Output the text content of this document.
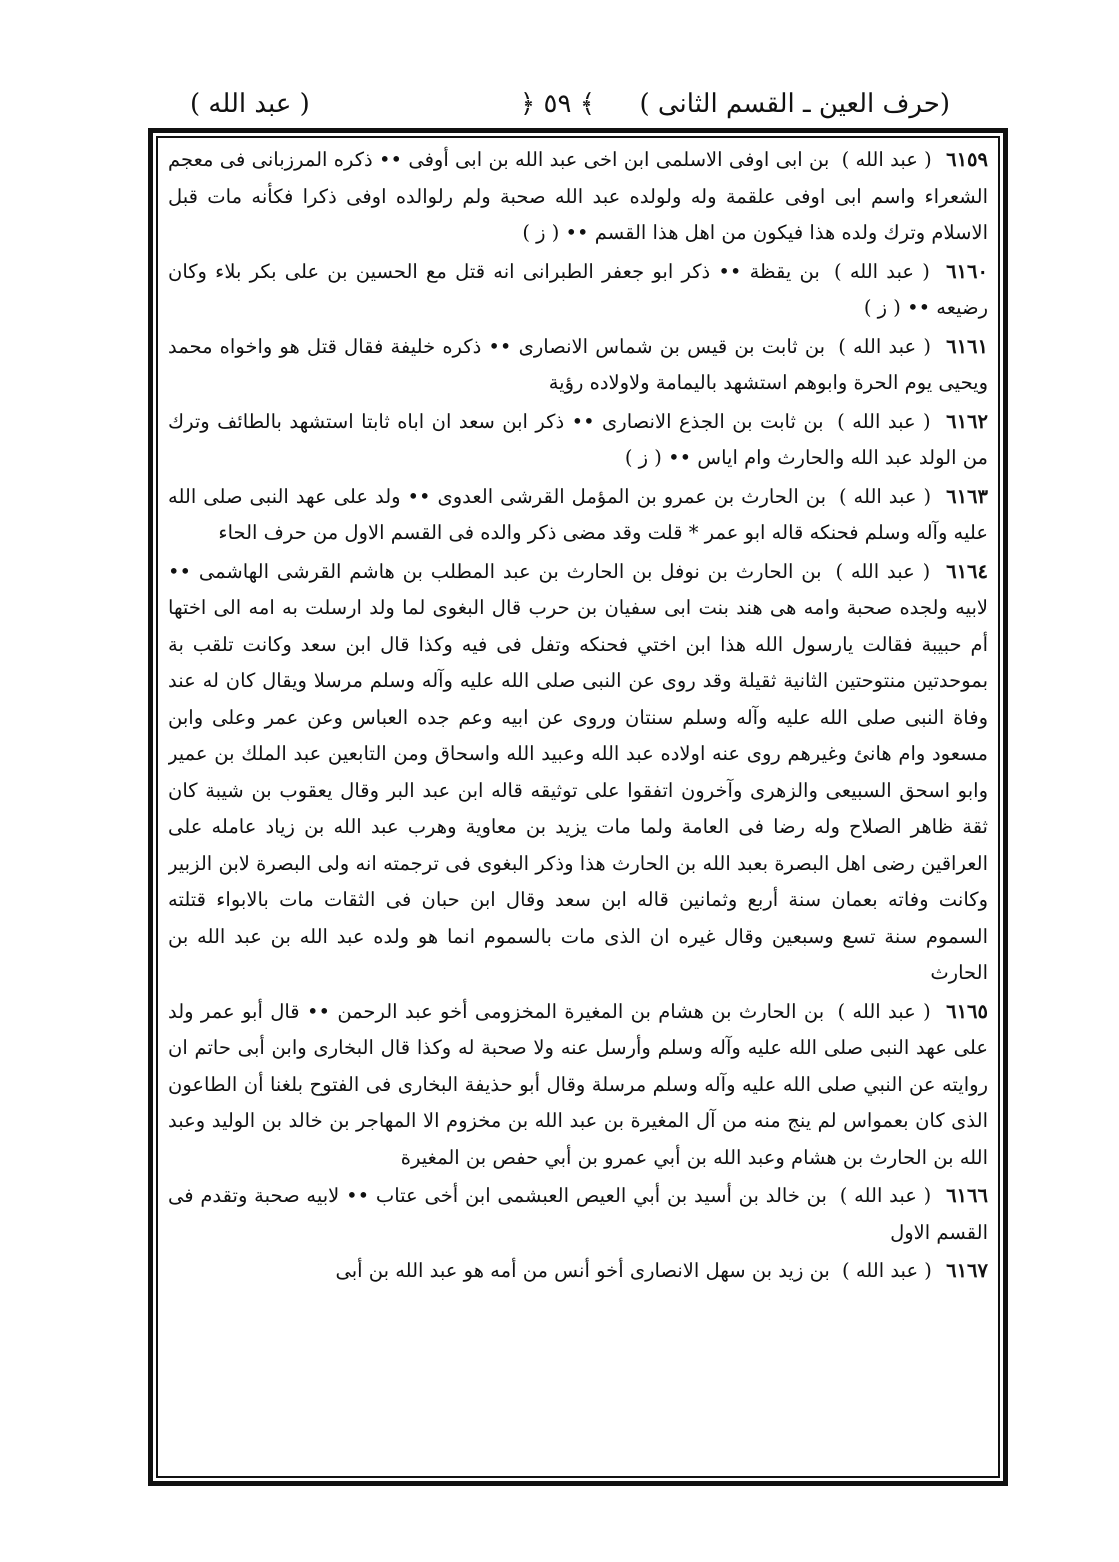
( عبد الله )	﴿ ٥٩ ﴾	(حرف العين ـ القسم الثانى )

٦١٥٩ ( عبد الله ) بن ابى اوفى الاسلمى ابن اخى عبد الله بن ابى أوفى •• ذكره المرزبانى فى معجم الشعراء واسم ابى اوفى علقمة وله ولولده عبد الله صحبة ولم رلوالده اوفى ذكرا فكأنه مات قبل الاسلام وترك ولده هذا فيكون من اهل هذا القسم •• ( ز )

٦١٦٠ ( عبد الله ) بن يقظة •• ذكر ابو جعفر الطبرانى انه قتل مع الحسين بن على بكر بلاء وكان رضيعه •• ( ز )

٦١٦١ ( عبد الله ) بن ثابت بن قيس بن شماس الانصارى •• ذكره خليفة فقال قتل هو واخواه محمد ويحيى يوم الحرة وابوهم استشهد باليمامة ولاولاده رؤية

٦١٦٢ ( عبد الله ) بن ثابت بن الجذع الانصارى •• ذكر ابن سعد ان اباه ثابتا استشهد بالطائف وترك من الولد عبد الله والحارث وام اياس •• ( ز )

٦١٦٣ ( عبد الله ) بن الحارث بن عمرو بن المؤمل القرشى العدوى •• ولد على عهد النبى صلى الله عليه وآله وسلم فحنكه قاله ابو عمر * قلت وقد مضى ذكر والده فى القسم الاول من حرف الحاء

٦١٦٤ ( عبد الله ) بن الحارث بن نوفل بن الحارث بن عبد المطلب بن هاشم القرشى الهاشمى •• لابيه ولجده صحبة وامه هى هند بنت ابى سفيان بن حرب قال البغوى لما ولد ارسلت به امه الى اختها أم حبيبة فقالت يارسول الله هذا ابن اختي فحنكه وتفل فى فيه وكذا قال ابن سعد وكانت تلقب بة بموحدتين منتوحتين الثانية ثقيلة وقد روى عن النبى صلى الله عليه وآله وسلم مرسلا ويقال كان له عند وفاة النبى صلى الله عليه وآله وسلم سنتان وروى عن ابيه وعم جده العباس وعن عمر وعلى وابن مسعود وام هانئ وغيرهم روى عنه اولاده عبد الله وعبيد الله واسحاق ومن التابعين عبد الملك بن عمير وابو اسحق السبيعى والزهرى وآخرون اتفقوا على توثيقه قاله ابن عبد البر وقال يعقوب بن شيبة كان ثقة ظاهر الصلاح وله رضا فى العامة ولما مات يزيد بن معاوية وهرب عبد الله بن زياد عامله على العراقين رضى اهل البصرة بعبد الله بن الحارث هذا وذكر البغوى فى ترجمته انه ولى البصرة لابن الزبير وكانت وفاته بعمان سنة أربع وثمانين قاله ابن سعد وقال ابن حبان فى الثقات مات بالابواء قتلته السموم سنة تسع وسبعين وقال غيره ان الذى مات بالسموم انما هو ولده عبد الله بن عبد الله بن الحارث

٦١٦٥ ( عبد الله ) بن الحارث بن هشام بن المغيرة المخزومى أخو عبد الرحمن •• قال أبو عمر ولد على عهد النبى صلى الله عليه وآله وسلم وأرسل عنه ولا صحبة له وكذا قال البخارى وابن أبى حاتم ان روايته عن النبي صلى الله عليه وآله وسلم مرسلة وقال أبو حذيفة البخارى فى الفتوح بلغنا أن الطاعون الذى كان بعمواس لم ينج منه من آل المغيرة بن عبد الله بن مخزوم الا المهاجر بن خالد بن الوليد وعبد الله بن الحارث بن هشام وعبد الله بن أبي عمرو بن أبي حفص بن المغيرة

٦١٦٦ ( عبد الله ) بن خالد بن أسيد بن أبي العيص العبشمى ابن أخى عتاب •• لابيه صحبة وتقدم فى القسم الاول

٦١٦٧ ( عبد الله ) بن زيد بن سهل الانصارى أخو أنس من أمه هو عبد الله بن أبى
